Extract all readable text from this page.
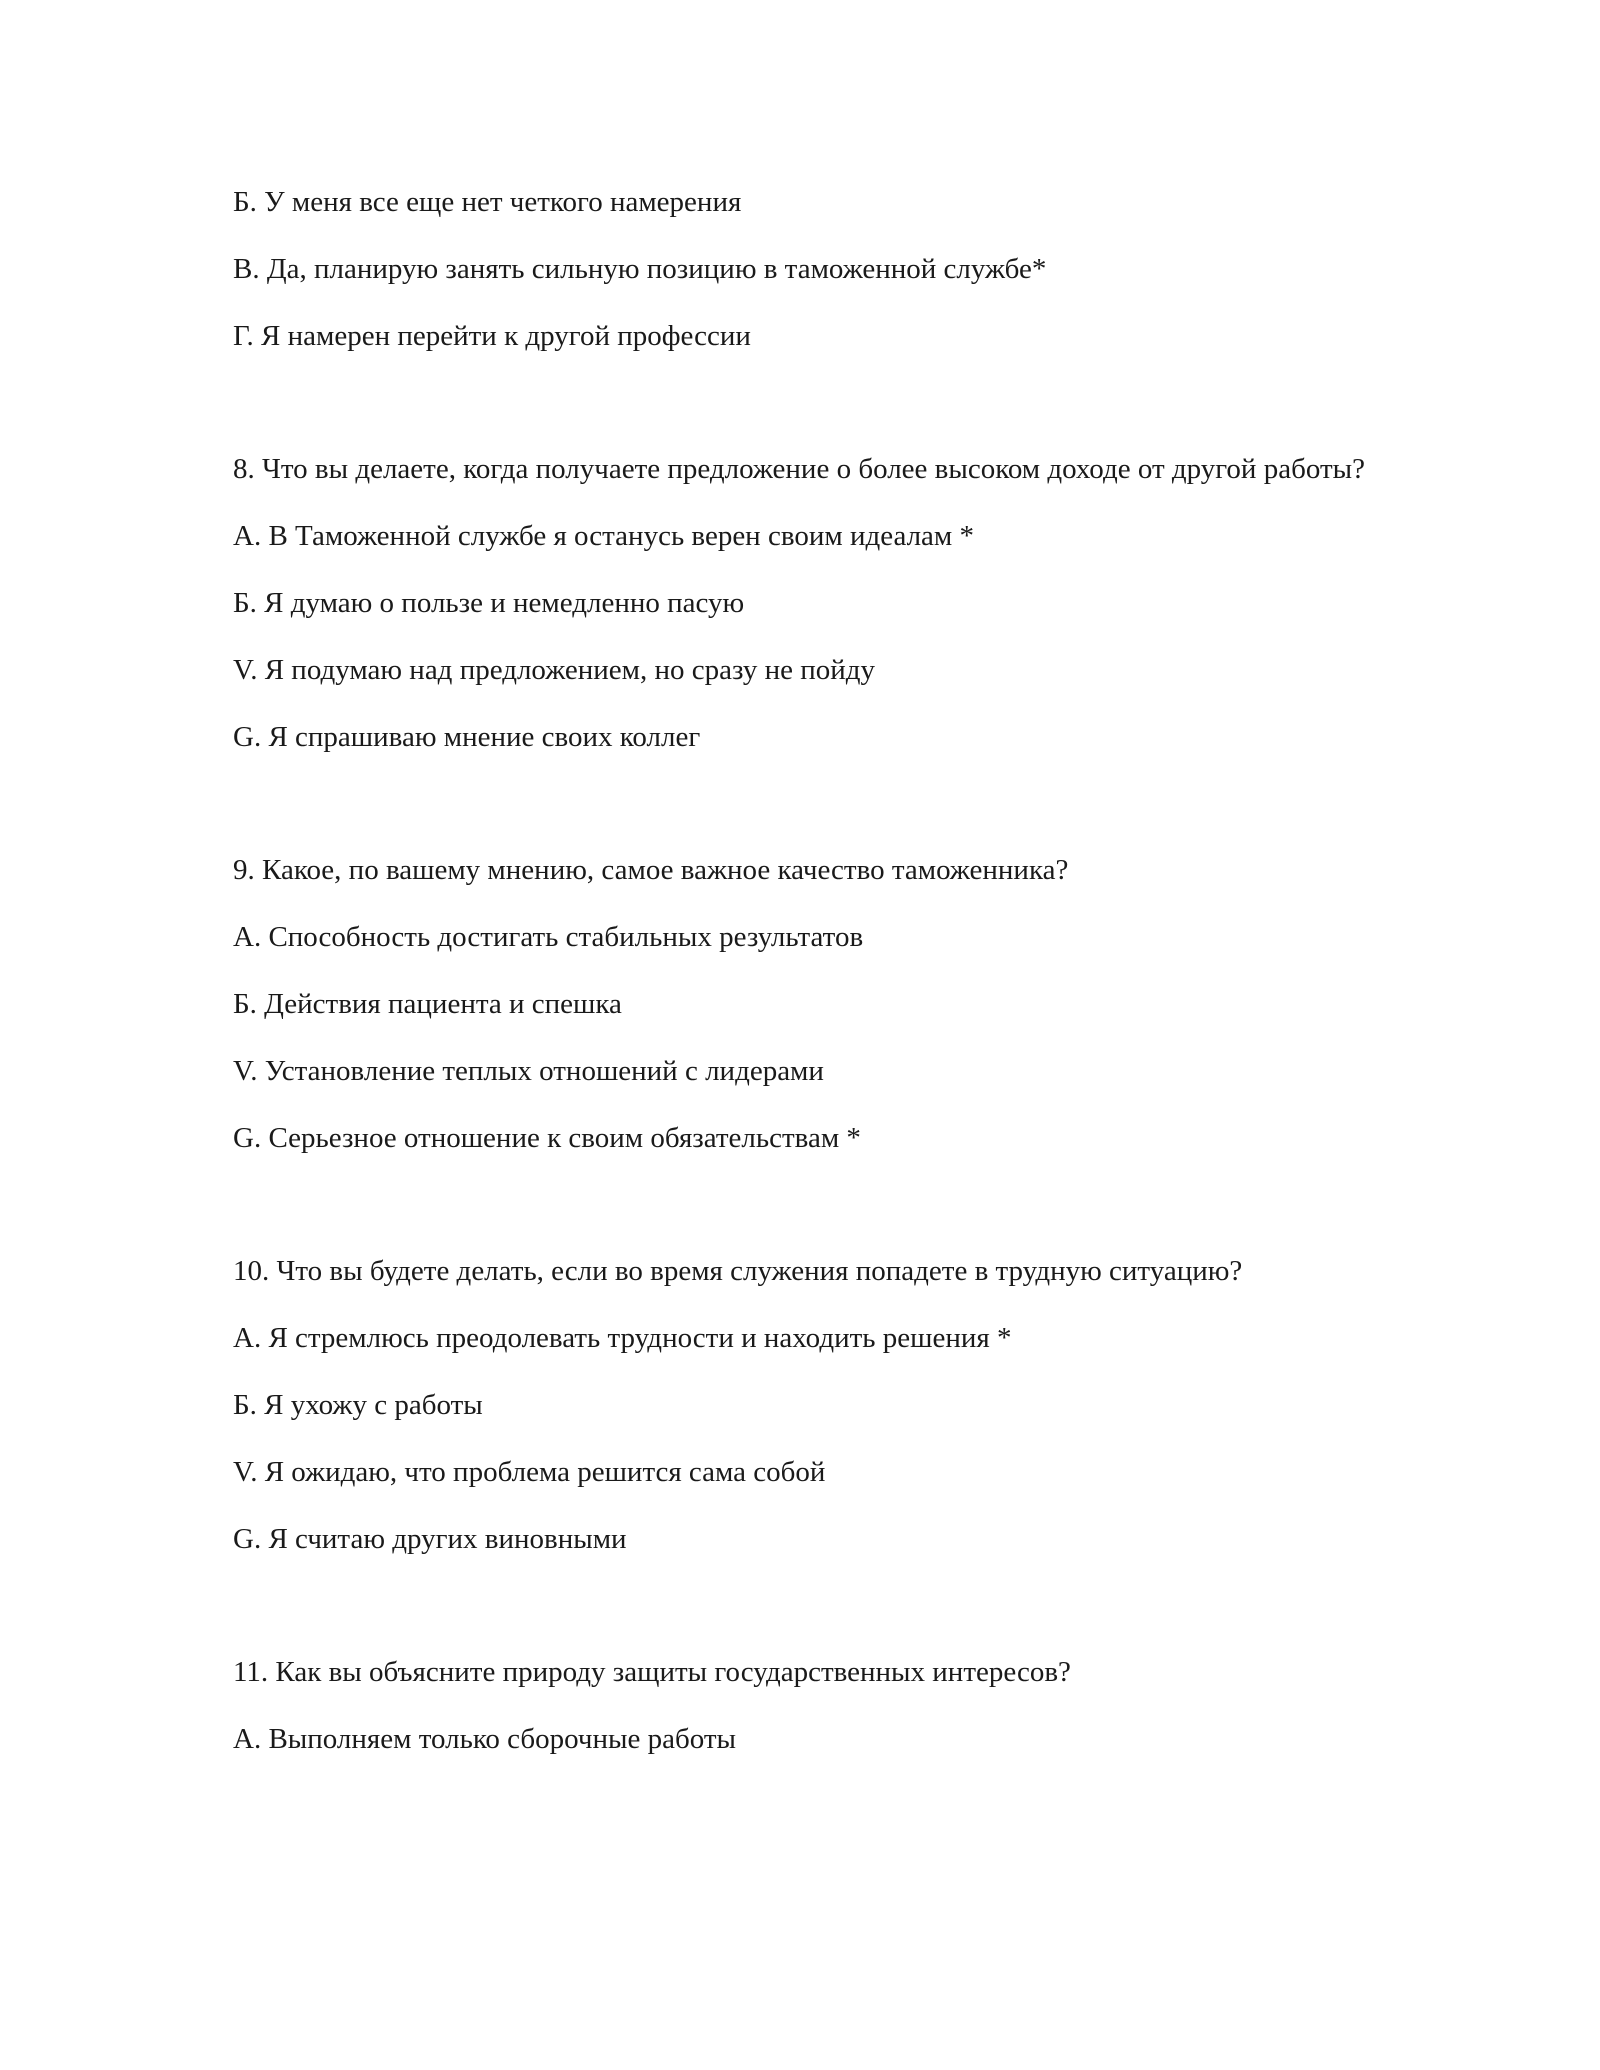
Б. У меня все еще нет четкого намерения

В. Да, планирую занять сильную позицию в таможенной службе*

Г. Я намерен перейти к другой профессии

8. Что вы делаете, когда получаете предложение о более высоком доходе от другой работы?

А. В Таможенной службе я останусь верен своим идеалам *

Б. Я думаю о пользе и немедленно пасую

V. Я подумаю над предложением, но сразу не пойду

G. Я спрашиваю мнение своих коллег

9. Какое, по вашему мнению, самое важное качество таможенника?

А. Способность достигать стабильных результатов

Б. Действия пациента и спешка

V. Установление теплых отношений с лидерами

G. Серьезное отношение к своим обязательствам *

10. Что вы будете делать, если во время служения попадете в трудную ситуацию?

А. Я стремлюсь преодолевать трудности и находить решения *

Б. Я ухожу с работы

V. Я ожидаю, что проблема решится сама собой

G. Я считаю других виновными

11. Как вы объясните природу защиты государственных интересов?

А. Выполняем только сборочные работы
